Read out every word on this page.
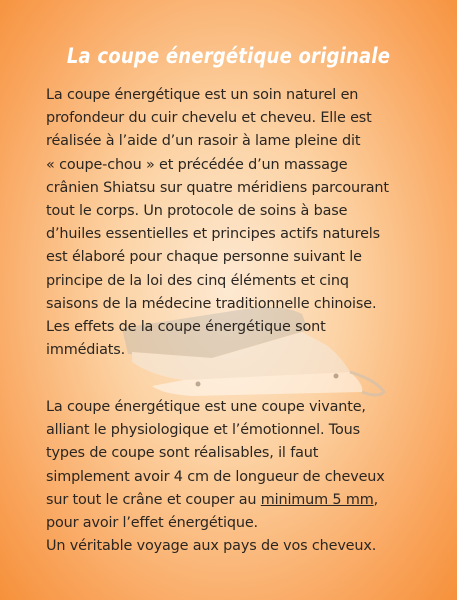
La coupe énergétique originale
La coupe énergétique est un soin naturel en
profondeur du cuir chevelu et cheveu. Elle est
réalisée à l’aide d’un rasoir à lame pleine dit
« coupe-chou » et précédée d’un massage
crânien Shiatsu sur quatre méridiens parcourant
tout le corps. Un protocole de soins à base
d’huiles essentielles et principes actifs naturels
est élaboré pour chaque personne suivant le
principe de la loi des cinq éléments et cinq
saisons de la médecine traditionnelle chinoise.
Les effets de la coupe énergétique sont
immédiats.
La coupe énergétique est une coupe vivante,
alliant le physiologique et l’émotionnel. Tous
types de coupe sont réalisables, il faut
simplement avoir 4 cm de longueur de cheveux
sur tout le crâne et couper au minimum 5 mm,
pour avoir l’effet énergétique.
Un véritable voyage aux pays de vos cheveux.
